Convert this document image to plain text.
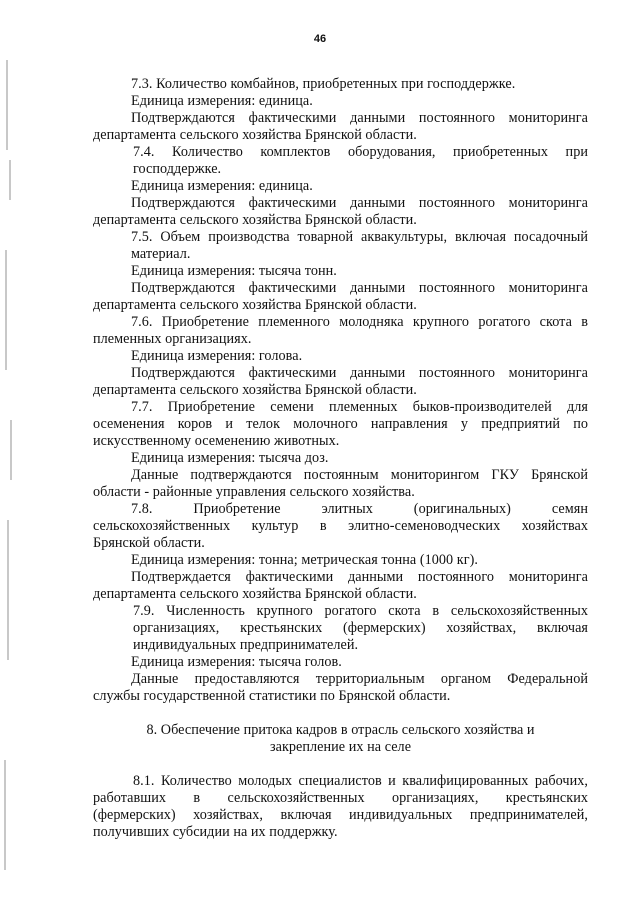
46
7.3. Количество комбайнов, приобретенных при господдержке.
Единица измерения: единица.
Подтверждаются фактическими данными постоянного мониторинга
департамента сельского хозяйства Брянской области.
7.4. Количество комплектов оборудования, приобретенных при
господдержке.
Единица измерения: единица.
Подтверждаются фактическими данными постоянного мониторинга
департамента сельского хозяйства Брянской области.
7.5. Объем производства товарной аквакультуры, включая посадочный
материал.
Единица измерения: тысяча тонн.
Подтверждаются фактическими данными постоянного мониторинга
департамента сельского хозяйства Брянской области.
7.6. Приобретение племенного молодняка крупного рогатого скота в
племенных организациях.
Единица измерения: голова.
Подтверждаются фактическими данными постоянного мониторинга
департамента сельского хозяйства Брянской области.
7.7. Приобретение семени племенных быков-производителей для
осеменения коров и телок молочного направления у предприятий по
искусственному осеменению животных.
Единица измерения: тысяча доз.
Данные подтверждаются постоянным мониторингом ГКУ Брянской
области - районные управления сельского хозяйства.
7.8.	Приобретение	элитных	(оригинальных)	семян
сельскохозяйственных культур в элитно-семеноводческих хозяйствах
Брянской области.
Единица измерения: тонна; метрическая тонна (1000 кг).
Подтверждается фактическими данными постоянного мониторинга
департамента сельского хозяйства Брянской области.
7.9. Численность крупного рогатого скота в сельскохозяйственных
организациях, крестьянских (фермерских) хозяйствах, включая
индивидуальных предпринимателей.
Единица измерения: тысяча голов.
Данные предоставляются территориальным органом Федеральной
службы государственной статистики по Брянской области.
8. Обеспечение притока кадров в отрасль сельского хозяйства и
закрепление их на селе
8.1. Количество молодых специалистов и квалифицированных рабочих,
работавших в сельскохозяйственных организациях, крестьянских
(фермерских) хозяйствах, включая индивидуальных предпринимателей,
получивших субсидии на их поддержку.
